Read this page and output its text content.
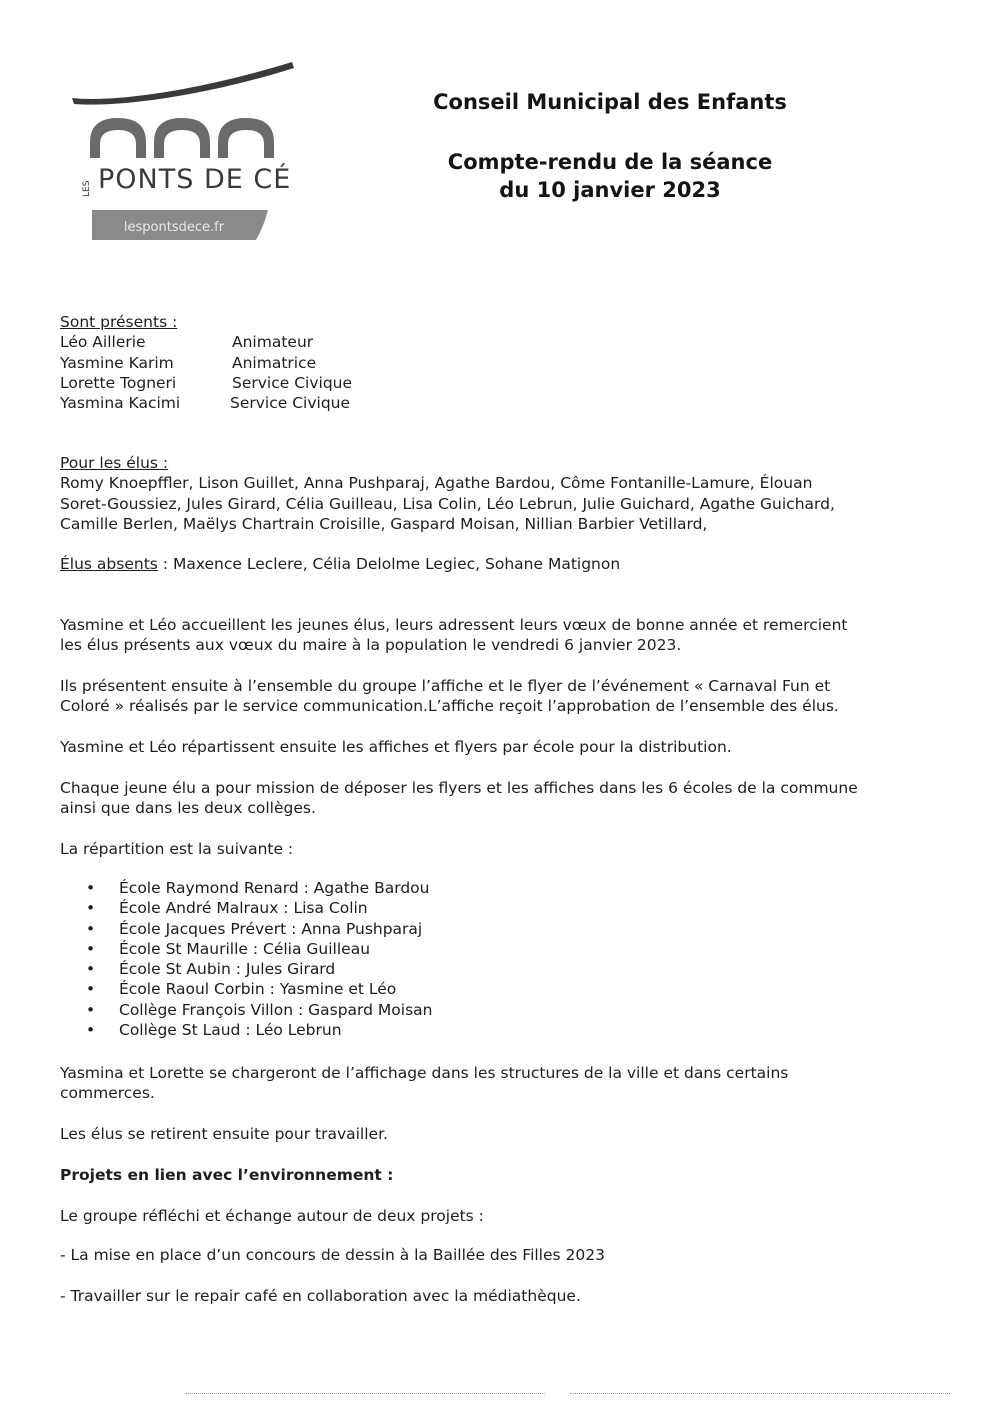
LES PONTS DE CÉ
lespontsdece.fr
Conseil Municipal des Enfants
Compte-rendu de la séance
du 10 janvier 2023
Sont présents :
Léo Aillerie	Animateur
Yasmine Karim	Animatrice
Lorette Togneri	Service Civique
Yasmina Kacimi	Service Civique
Pour les élus :
Romy Knoepffler, Lison Guillet, Anna Pushparaj, Agathe Bardou, Côme Fontanille-Lamure, Élouan
Soret-Goussiez, Jules Girard, Célia Guilleau, Lisa Colin, Léo Lebrun, Julie Guichard, Agathe Guichard,
Camille Berlen, Maëlys Chartrain Croisille, Gaspard Moisan, Nillian Barbier Vetillard,
Élus absents : Maxence Leclere, Célia Delolme Legiec, Sohane Matignon
Yasmine et Léo accueillent les jeunes élus, leurs adressent leurs vœux de bonne année et remercient
les élus présents aux vœux du maire à la population le vendredi 6 janvier 2023.
Ils présentent ensuite à l’ensemble du groupe l’affiche et le flyer de l’événement « Carnaval Fun et
Coloré » réalisés par le service communication.L’affiche reçoit l’approbation de l’ensemble des élus.
Yasmine et Léo répartissent ensuite les affiches et flyers par école pour la distribution.
Chaque jeune élu a pour mission de déposer les flyers et les affiches dans les 6 écoles de la commune
ainsi que dans les deux collèges.
La répartition est la suivante :
• École Raymond Renard : Agathe Bardou
• École André Malraux : Lisa Colin
• École Jacques Prévert : Anna Pushparaj
• École St Maurille : Célia Guilleau
• École St Aubin : Jules Girard
• École Raoul Corbin : Yasmine et Léo
• Collège François Villon : Gaspard Moisan
• Collège St Laud : Léo Lebrun
Yasmina et Lorette se chargeront de l’affichage dans les structures de la ville et dans certains
commerces.
Les élus se retirent ensuite pour travailler.
Projets en lien avec l’environnement :
Le groupe réfléchi et échange autour de deux projets :
- La mise en place d’un concours de dessin à la Baillée des Filles 2023
- Travailler sur le repair café en collaboration avec la médiathèque.
